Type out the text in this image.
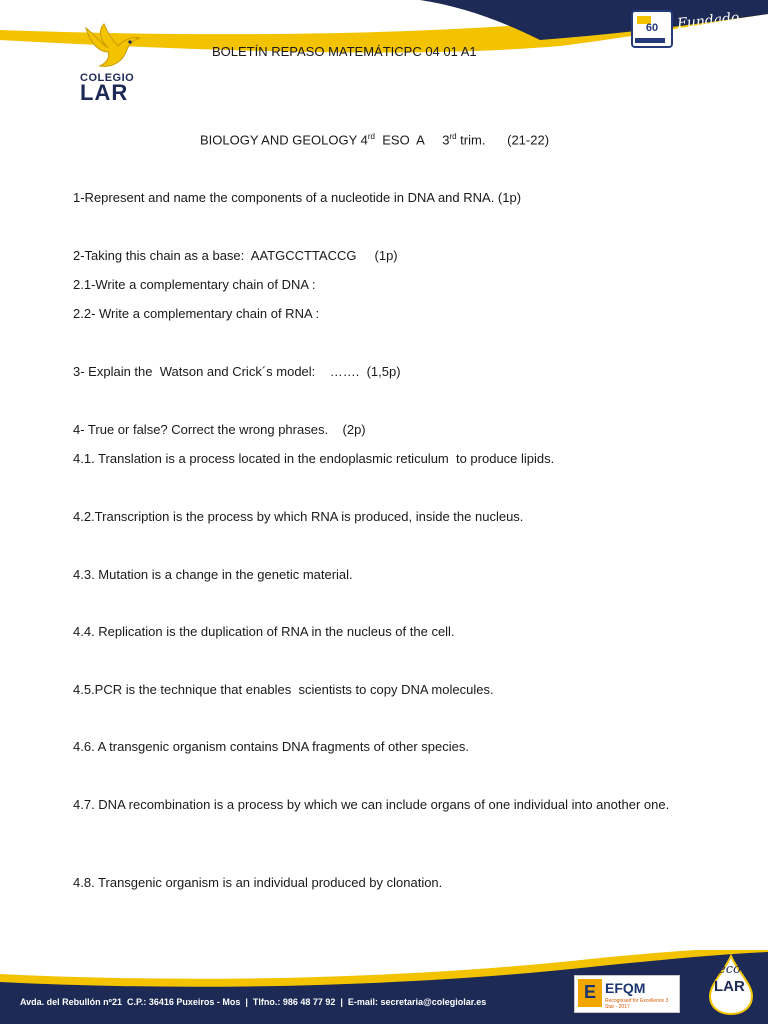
COLEGIO
LAR
60	Fundado
en 1968
BOLETÍN REPASO MATEMÁTICPC 04 01 A1
BIOLOGY AND GEOLOGY 4rd  ESO  A     3rd trim.      (21-22)
1-Represent and name the components of a nucleotide in DNA and RNA. (1p)
2-Taking this chain as a base:  AATGCCTTACCG     (1p)
2.1-Write a complementary chain of DNA :
2.2- Write a complementary chain of RNA :
3- Explain the  Watson and Crick´s model:    …….  (1,5p)
4- True or false? Correct the wrong phrases.    (2p)
4.1. Translation is a process located in the endoplasmic reticulum  to produce lipids.
4.2.Transcription is the process by which RNA is produced, inside the nucleus.
4.3. Mutation is a change in the genetic material.
4.4. Replication is the duplication of RNA in the nucleus of the cell.
4.5.PCR is the technique that enables  scientists to copy DNA molecules.
4.6. A transgenic organism contains DNA fragments of other species.
4.7. DNA recombination is a process by which we can include organs of one individual into another one.
4.8. Transgenic organism is an individual produced by clonation.
Avda. del Rebullón nº21  C.P.: 36416 Puxeiros - Mos  |  Tlfno.: 986 48 77 92  |  E-mail: secretaria@colegiolar.es	E EFQM
Recognised for Excellence 3 Star - 2017
eco
LAR
